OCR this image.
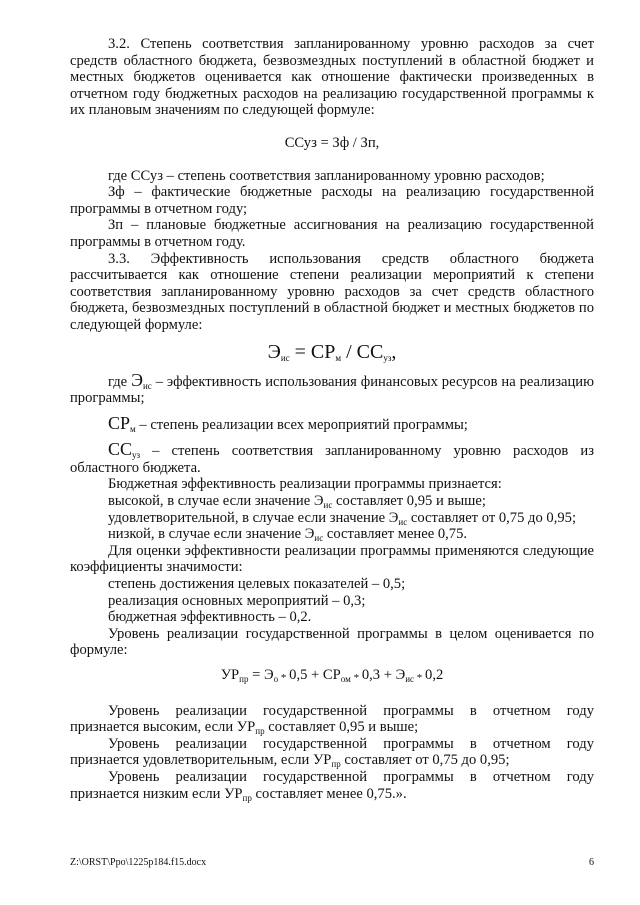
3.2. Степень соответствия запланированному уровню расходов за счет средств областного бюджета, безвозмездных поступлений в областной бюджет и местных бюджетов оценивается как отношение фактически произведенных в отчетном году бюджетных расходов на реализацию государственной программы к их плановым значениям по следующей формуле:

ССуз = Зф / Зп,

где ССуз – степень соответствия запланированному уровню расходов;

Зф – фактические бюджетные расходы на реализацию государственной программы в отчетном году;

Зп – плановые бюджетные ассигнования на реализацию государственной программы в отчетном году.

3.3. Эффективность использования средств областного бюджета рассчитывается как отношение степени реализации мероприятий к степени соответствия запланированному уровню расходов за счет средств областного бюджета, безвозмездных поступлений в областной бюджет и местных бюджетов по следующей формуле:

$Э_{ис} = СР_м / СС_{уз}$,

где $Э_{ис}$ – эффективность использования финансовых ресурсов на реализацию программы;

$СР_м$ – степень реализации всех мероприятий программы;

$СС_{уз}$ – степень соответствия запланированному уровню расходов из областного бюджета.

Бюджетная эффективность реализации программы признается:

высокой, в случае если значение $Э_{ис}$ составляет 0,95 и выше;

удовлетворительной, в случае если значение $Э_{ис}$ составляет от 0,75 до 0,95;

низкой, в случае если значение $Э_{ис}$ составляет менее 0,75.

Для оценки эффективности реализации программы применяются следующие коэффициенты значимости:

степень достижения целевых показателей – 0,5;

реализация основных мероприятий – 0,3;

бюджетная эффективность – 0,2.

Уровень реализации государственной программы в целом оценивается по формуле:

$УР_{пр} = Э_о * 0,5 + СР_{ом} * 0,3 + Э_{ис} * 0,2$

Уровень реализации государственной программы в отчетном году

признается высоким, если $УР_{пр}$ составляет 0,95 и выше;

Уровень реализации государственной программы в отчетном году

признается удовлетворительным, если $УР_{пр}$ составляет от 0,75 до 0,95;

Уровень реализации государственной программы в отчетном году

признается низким если $УР_{пр}$ составляет менее 0,75.».

Z:\ORST\Ppo\1225p184.f15.docx	6
